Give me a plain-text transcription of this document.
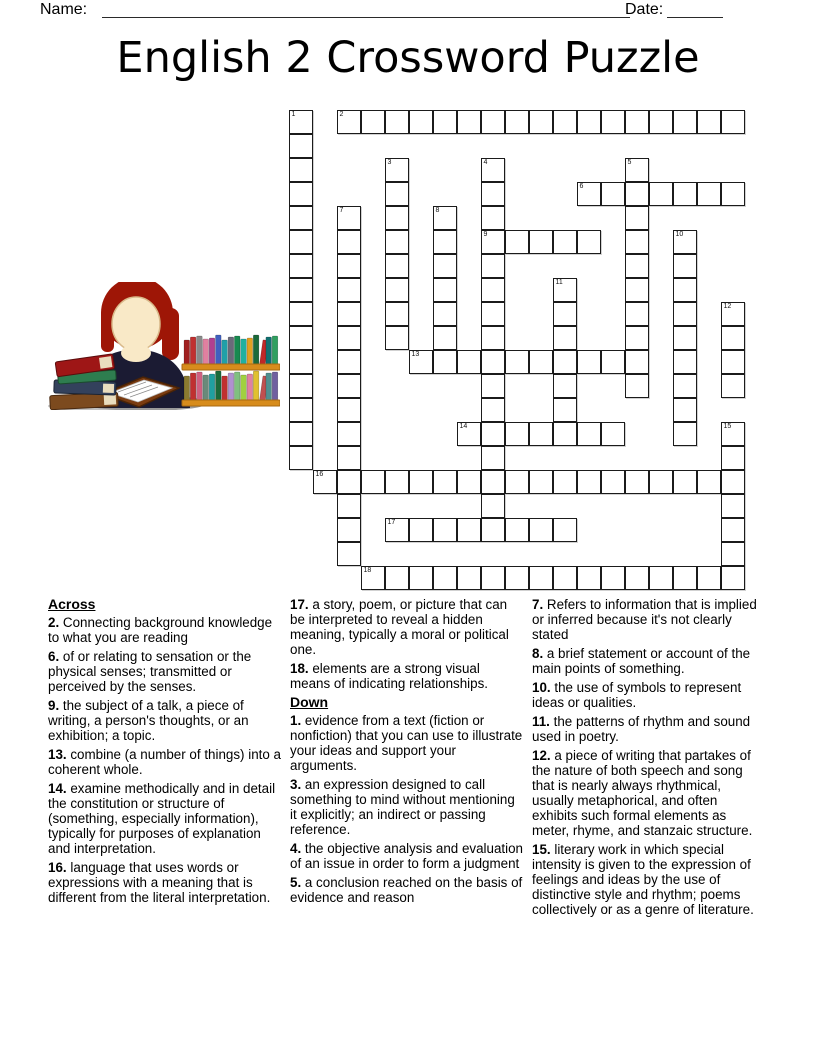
Name:	Date:
English 2 Crossword Puzzle
1	2
3	4
9
5
6
7	8
10
11
12
13
14	15
16
17
18

Across

2. Connecting background knowledge to what you are reading

6. of or relating to sensation or the physical senses; transmitted or perceived by the senses.

9. the subject of a talk, a piece of writing, a person's thoughts, or an exhibition; a topic.

13. combine (a number of things) into a coherent whole.

14. examine methodically and in detail the constitution or structure of (something, especially information), typically for purposes of explanation and interpretation.

16. language that uses words or expressions with a meaning that is different from the literal interpretation.

17. a story, poem, or picture that can be interpreted to reveal a hidden meaning, typically a moral or political one.

18. elements are a strong visual means of indicating relationships.

Down

1. evidence from a text (fiction or nonfiction) that you can use to illustrate your ideas and support your arguments.

3. an expression designed to call something to mind without mentioning it explicitly; an indirect or passing reference.

4. the objective analysis and evaluation of an issue in order to form a judgment

5. a conclusion reached on the basis of evidence and reason

7. Refers to information that is implied or inferred because it's not clearly stated

8. a brief statement or account of the main points of something.

10. the use of symbols to represent ideas or qualities.

11. the patterns of rhythm and sound used in poetry.

12. a piece of writing that partakes of the nature of both speech and song that is nearly always rhythmical, usually metaphorical, and often exhibits such formal elements as meter, rhyme, and stanzaic structure.

15. literary work in which special intensity is given to the expression of feelings and ideas by the use of distinctive style and rhythm; poems collectively or as a genre of literature.
